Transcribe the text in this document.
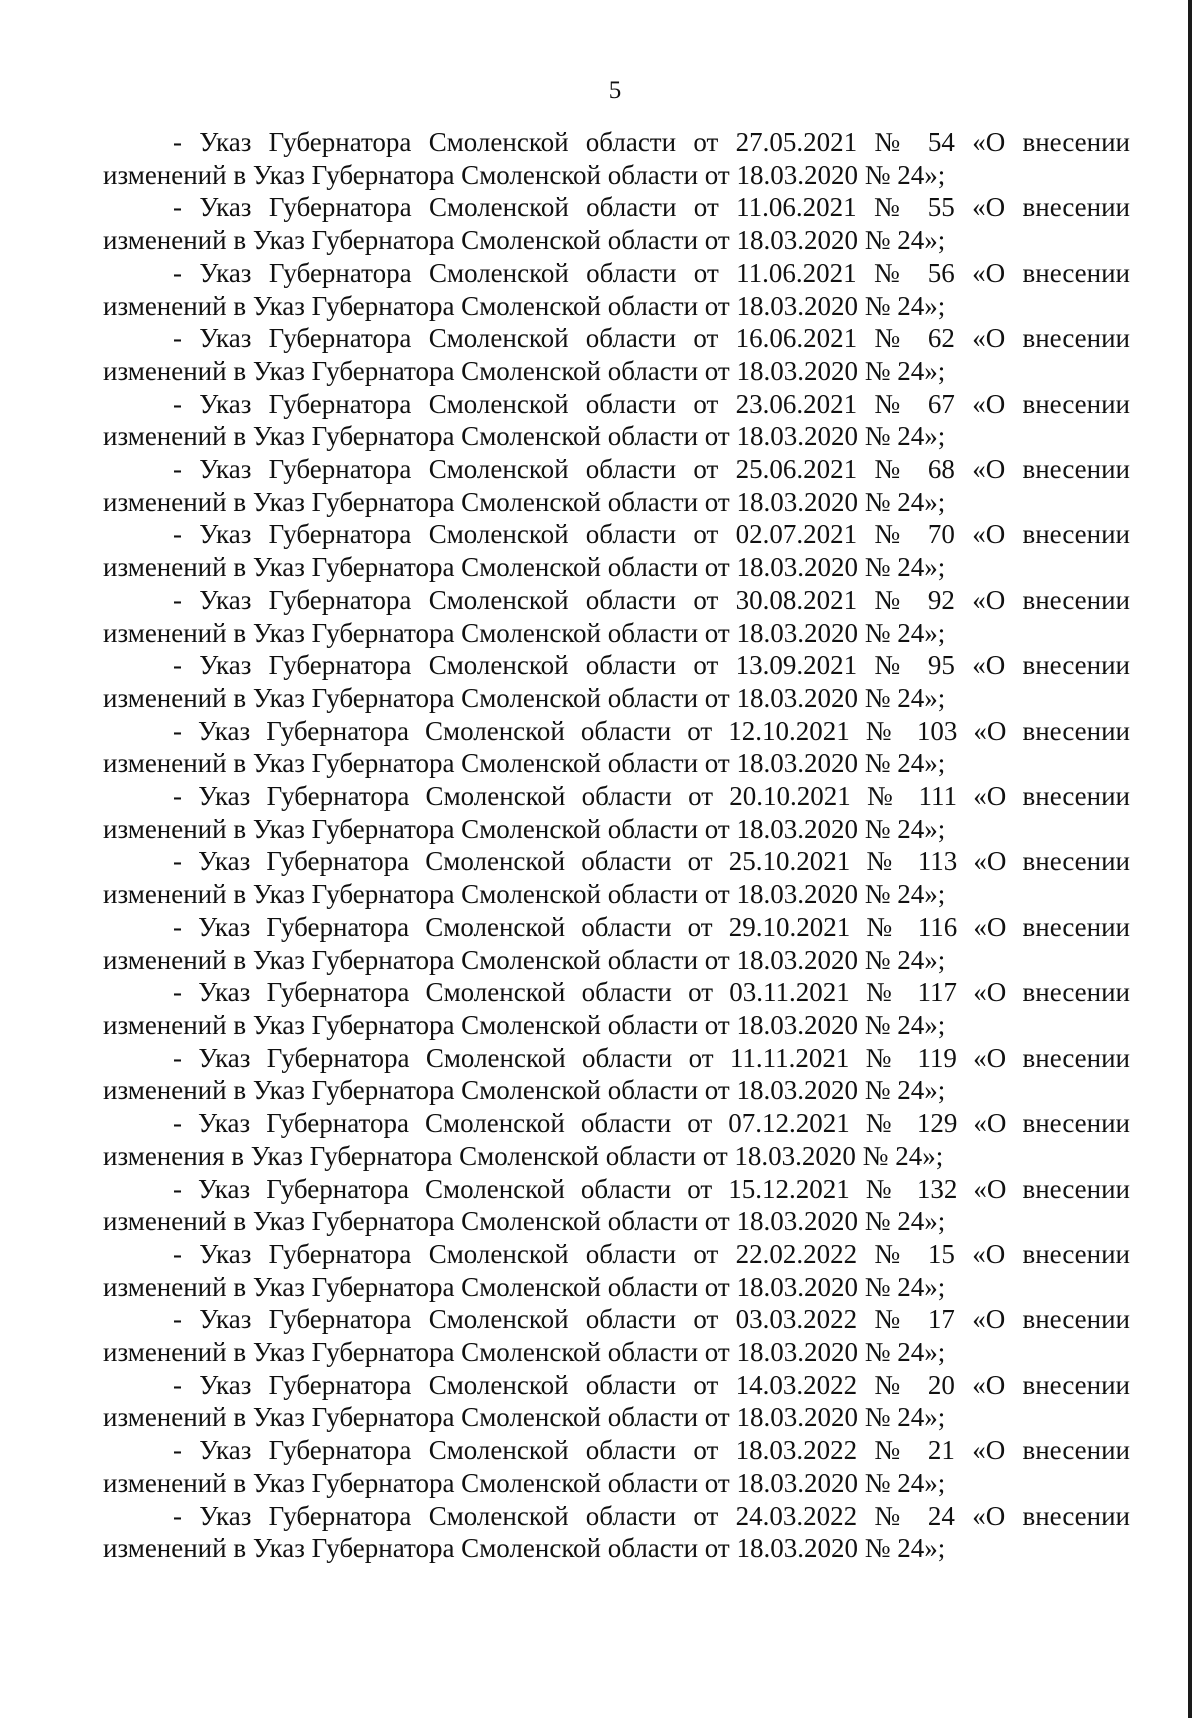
5

- Указ Губернатора Смоленской области от 27.05.2021 № 54 «О внесении
изменений в Указ Губернатора Смоленской области от 18.03.2020 № 24»;

- Указ Губернатора Смоленской области от 11.06.2021 № 55 «О внесении
изменений в Указ Губернатора Смоленской области от 18.03.2020 № 24»;

- Указ Губернатора Смоленской области от 11.06.2021 № 56 «О внесении
изменений в Указ Губернатора Смоленской области от 18.03.2020 № 24»;

- Указ Губернатора Смоленской области от 16.06.2021 № 62 «О внесении
изменений в Указ Губернатора Смоленской области от 18.03.2020 № 24»;

- Указ Губернатора Смоленской области от 23.06.2021 № 67 «О внесении
изменений в Указ Губернатора Смоленской области от 18.03.2020 № 24»;

- Указ Губернатора Смоленской области от 25.06.2021 № 68 «О внесении
изменений в Указ Губернатора Смоленской области от 18.03.2020 № 24»;

- Указ Губернатора Смоленской области от 02.07.2021 № 70 «О внесении
изменений в Указ Губернатора Смоленской области от 18.03.2020 № 24»;

- Указ Губернатора Смоленской области от 30.08.2021 № 92 «О внесении
изменений в Указ Губернатора Смоленской области от 18.03.2020 № 24»;

- Указ Губернатора Смоленской области от 13.09.2021 № 95 «О внесении
изменений в Указ Губернатора Смоленской области от 18.03.2020 № 24»;

- Указ Губернатора Смоленской области от 12.10.2021 № 103 «О внесении
изменений в Указ Губернатора Смоленской области от 18.03.2020 № 24»;

- Указ Губернатора Смоленской области от 20.10.2021 № 111 «О внесении
изменений в Указ Губернатора Смоленской области от 18.03.2020 № 24»;

- Указ Губернатора Смоленской области от 25.10.2021 № 113 «О внесении
изменений в Указ Губернатора Смоленской области от 18.03.2020 № 24»;

- Указ Губернатора Смоленской области от 29.10.2021 № 116 «О внесении
изменений в Указ Губернатора Смоленской области от 18.03.2020 № 24»;

- Указ Губернатора Смоленской области от 03.11.2021 № 117 «О внесении
изменений в Указ Губернатора Смоленской области от 18.03.2020 № 24»;

- Указ Губернатора Смоленской области от 11.11.2021 № 119 «О внесении
изменений в Указ Губернатора Смоленской области от 18.03.2020 № 24»;

- Указ Губернатора Смоленской области от 07.12.2021 № 129 «О внесении
изменения в Указ Губернатора Смоленской области от 18.03.2020 № 24»;

- Указ Губернатора Смоленской области от 15.12.2021 № 132 «О внесении
изменений в Указ Губернатора Смоленской области от 18.03.2020 № 24»;

- Указ Губернатора Смоленской области от 22.02.2022 № 15 «О внесении
изменений в Указ Губернатора Смоленской области от 18.03.2020 № 24»;

- Указ Губернатора Смоленской области от 03.03.2022 № 17 «О внесении
изменений в Указ Губернатора Смоленской области от 18.03.2020 № 24»;

- Указ Губернатора Смоленской области от 14.03.2022 № 20 «О внесении
изменений в Указ Губернатора Смоленской области от 18.03.2020 № 24»;

- Указ Губернатора Смоленской области от 18.03.2022 № 21 «О внесении
изменений в Указ Губернатора Смоленской области от 18.03.2020 № 24»;

- Указ Губернатора Смоленской области от 24.03.2022 № 24 «О внесении
изменений в Указ Губернатора Смоленской области от 18.03.2020 № 24»;
